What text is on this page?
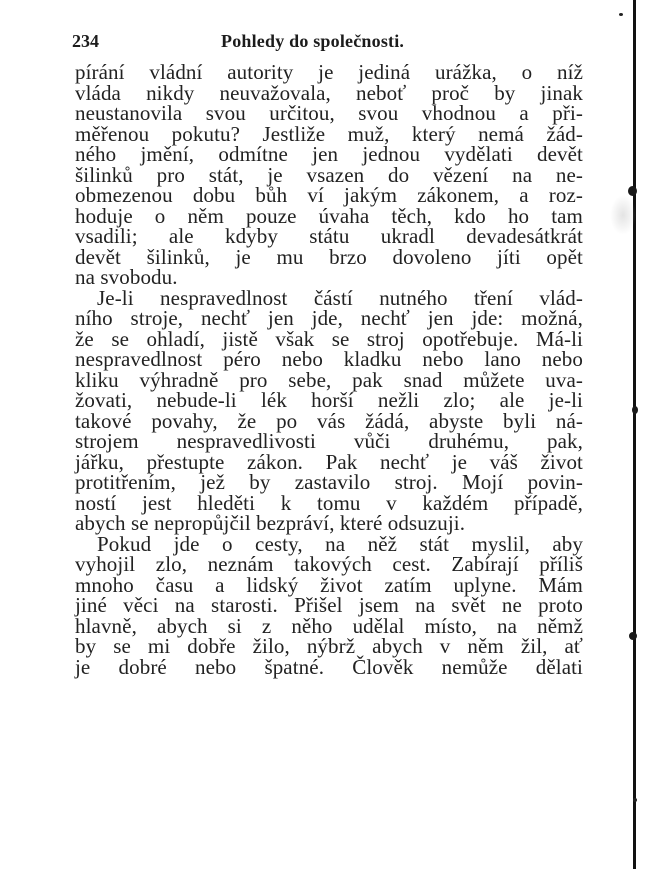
234	Pohledy do společnosti.
pírání vládní autority je jediná urážka, o níž
vláda nikdy neuvažovala, neboť proč by jinak
neustanovila svou určitou, svou vhodnou a při-
měřenou pokutu? Jestliže muž, který nemá žád-
ného jmění, odmítne jen jednou vydělati devět
šilinků pro stát, je vsazen do vězení na ne-
obmezenou dobu bůh ví jakým zákonem, a roz-
hoduje o něm pouze úvaha těch, kdo ho tam
vsadili; ale kdyby státu ukradl devadesátkrát
devět šilinků, je mu brzo dovoleno jíti opět
na svobodu.
Je-li nespravedlnost částí nutného tření vlád-
ního stroje, nechť jen jde, nechť jen jde: možná,
že se ohladí, jistě však se stroj opotřebuje. Má-li
nespravedlnost péro nebo kladku nebo lano nebo
kliku výhradně pro sebe, pak snad můžete uva-
žovati, nebude-li lék horší nežli zlo; ale je-li
takové povahy, že po vás žádá, abyste byli ná-
strojem nespravedlivosti vůči druhému, pak,
jářku, přestupte zákon. Pak nechť je váš život
protitřením, jež by zastavilo stroj. Mojí povin-
ností jest hleděti k tomu v každém případě,
abych se nepropůjčil bezpráví, které odsuzuji.
Pokud jde o cesty, na něž stát myslil, aby
vyhojil zlo, neznám takových cest. Zabírají příliš
mnoho času a lidský život zatím uplyne. Mám
jiné věci na starosti. Přišel jsem na svět ne proto
hlavně, abych si z něho udělal místo, na němž
by se mi dobře žilo, nýbrž abych v něm žil, ať
je dobré nebo špatné. Člověk nemůže dělati
